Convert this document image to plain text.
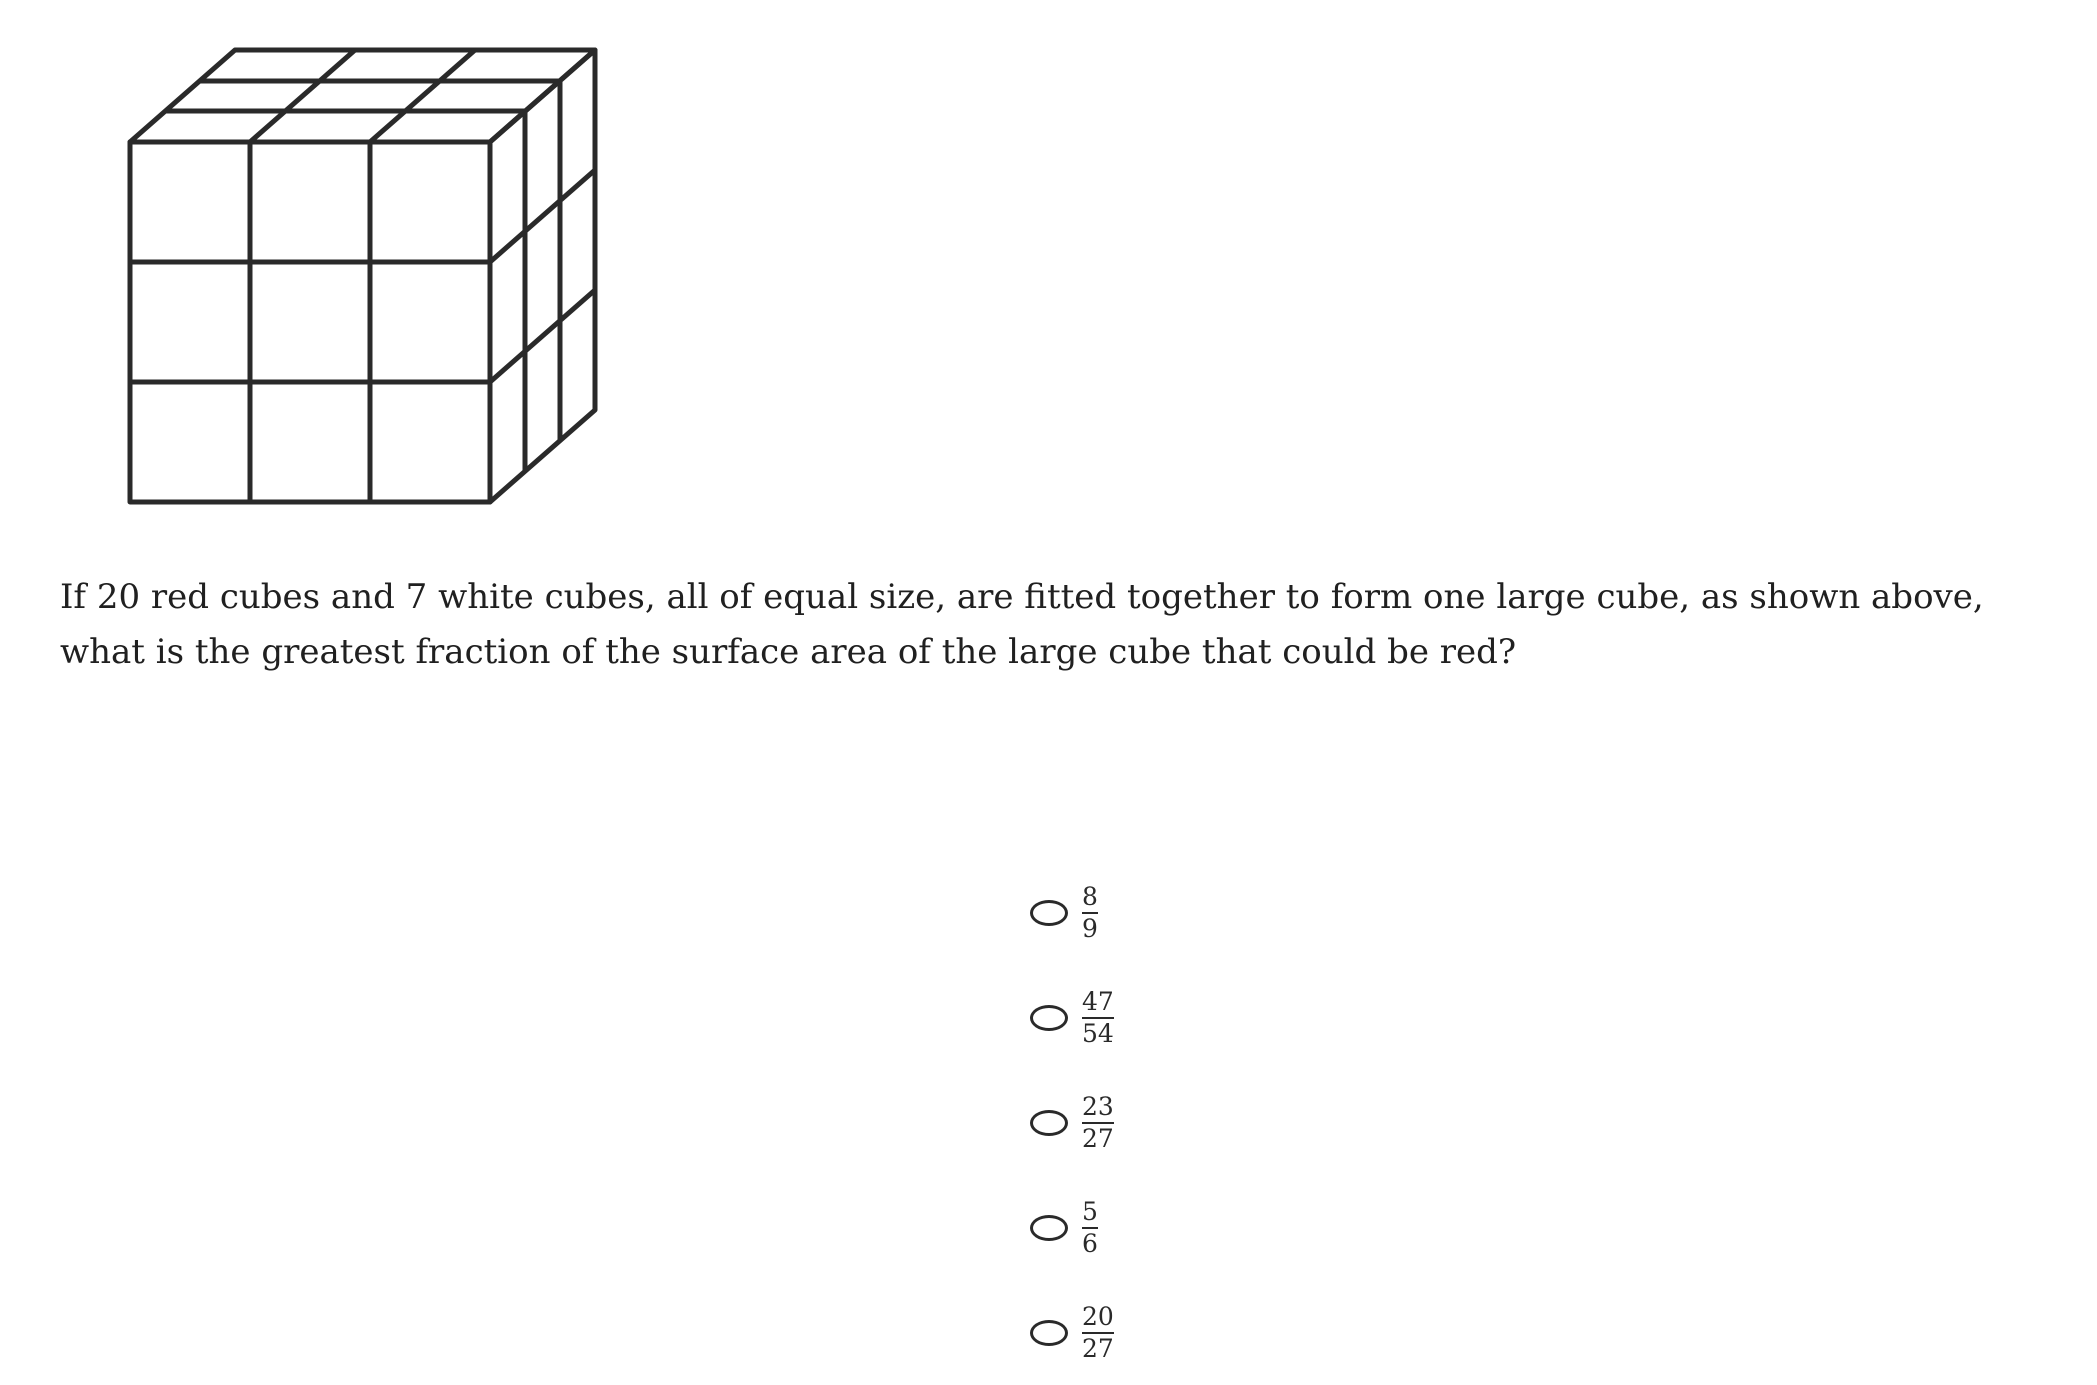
If 20 red cubes and 7 white cubes, all of equal size, are fitted together to form one large cube, as shown above, what is the greatest fraction of the surface area of the large cube that could be red?

$\frac{8}{9}$
$\frac{47}{54}$
$\frac{23}{27}$
$\frac{5}{6}$
$\frac{20}{27}$
